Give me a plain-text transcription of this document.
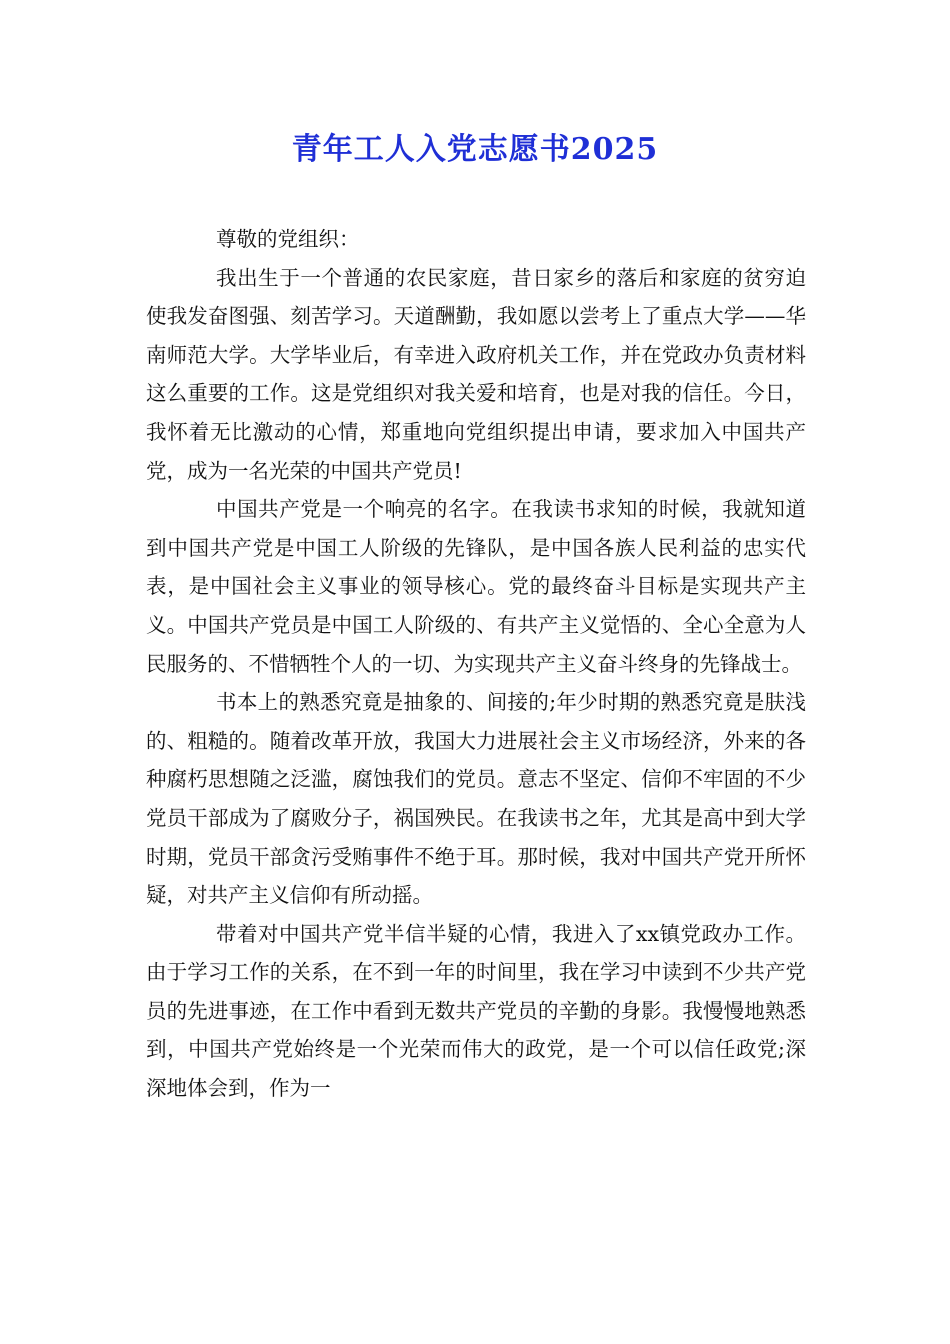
青年工人入党志愿书2025

尊敬的党组织：

我出生于一个普通的农民家庭，昔日家乡的落后和家庭的贫穷迫使我发奋图强、刻苦学习。天道酬勤，我如愿以尝考上了重点大学——华南师范大学。大学毕业后，有幸进入政府机关工作，并在党政办负责材料这么重要的工作。这是党组织对我关爱和培育，也是对我的信任。今日，我怀着无比激动的心情，郑重地向党组织提出申请，要求加入中国共产党，成为一名光荣的中国共产党员!

中国共产党是一个响亮的名字。在我读书求知的时候，我就知道到中国共产党是中国工人阶级的先锋队，是中国各族人民利益的忠实代表，是中国社会主义事业的领导核心。党的最终奋斗目标是实现共产主义。中国共产党员是中国工人阶级的、有共产主义觉悟的、全心全意为人民服务的、不惜牺牲个人的一切、为实现共产主义奋斗终身的先锋战士。

书本上的熟悉究竟是抽象的、间接的;年少时期的熟悉究竟是肤浅的、粗糙的。随着改革开放，我国大力进展社会主义市场经济，外来的各种腐朽思想随之泛滥，腐蚀我们的党员。意志不坚定、信仰不牢固的不少党员干部成为了腐败分子，祸国殃民。在我读书之年，尤其是高中到大学时期，党员干部贪污受贿事件不绝于耳。那时候，我对中国共产党开所怀疑，对共产主义信仰有所动摇。

带着对中国共产党半信半疑的心情，我进入了xx镇党政办工作。由于学习工作的关系，在不到一年的时间里，我在学习中读到不少共产党员的先进事迹，在工作中看到无数共产党员的辛勤的身影。我慢慢地熟悉到，中国共产党始终是一个光荣而伟大的政党，是一个可以信任政党;深深地体会到，作为一
